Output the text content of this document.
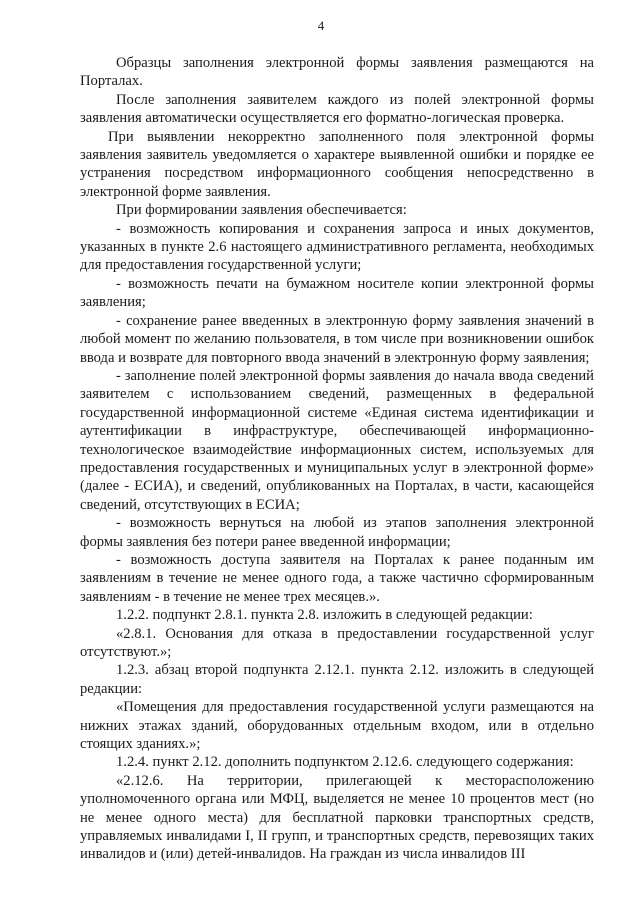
4

Образцы заполнения электронной формы заявления размещаются на Порталах.

После заполнения заявителем каждого из полей электронной формы заявления автоматически осуществляется его форматно-логическая проверка.

При выявлении некорректно заполненного поля электронной формы заявления заявитель уведомляется о характере выявленной ошибки и порядке ее устранения посредством информационного сообщения непосредственно в электронной форме заявления.

При формировании заявления обеспечивается:

- возможность копирования и сохранения запроса и иных документов, указанных в пункте 2.6 настоящего административного регламента, необходимых для предоставления государственной услуги;

- возможность печати на бумажном носителе копии электронной формы заявления;

- сохранение ранее введенных в электронную форму заявления значений в любой момент по желанию пользователя, в том числе при возникновении ошибок ввода и возврате для повторного ввода значений в электронную форму заявления;

- заполнение полей электронной формы заявления до начала ввода сведений заявителем с использованием сведений, размещенных в федеральной государственной информационной системе «Единая система идентификации и аутентификации в инфраструктуре, обеспечивающей информационно-технологическое взаимодействие информационных систем, используемых для предоставления государственных и муниципальных услуг в электронной форме» (далее - ЕСИА), и сведений, опубликованных на Порталах, в части, касающейся сведений, отсутствующих в ЕСИА;

- возможность вернуться на любой из этапов заполнения электронной формы заявления без потери ранее введенной информации;

- возможность доступа заявителя на Порталах к ранее поданным им заявлениям в течение не менее одного года, а также частично сформированным заявлениям - в течение не менее трех месяцев.».

1.2.2. подпункт 2.8.1. пункта 2.8. изложить в следующей редакции:

«2.8.1. Основания для отказа в предоставлении государственной услуг отсутствуют.»;

1.2.3. абзац второй подпункта 2.12.1. пункта 2.12. изложить в следующей редакции:

«Помещения для предоставления государственной услуги размещаются на нижних этажах зданий, оборудованных отдельным входом, или в отдельно стоящих зданиях.»;

1.2.4. пункт 2.12. дополнить подпунктом 2.12.6. следующего содержания:

«2.12.6. На территории, прилегающей к месторасположению уполномоченного органа или МФЦ, выделяется не менее 10 процентов мест (но не менее одного места) для бесплатной парковки транспортных средств, управляемых инвалидами I, II групп, и транспортных средств, перевозящих таких инвалидов и (или) детей-инвалидов. На граждан из числа инвалидов III
